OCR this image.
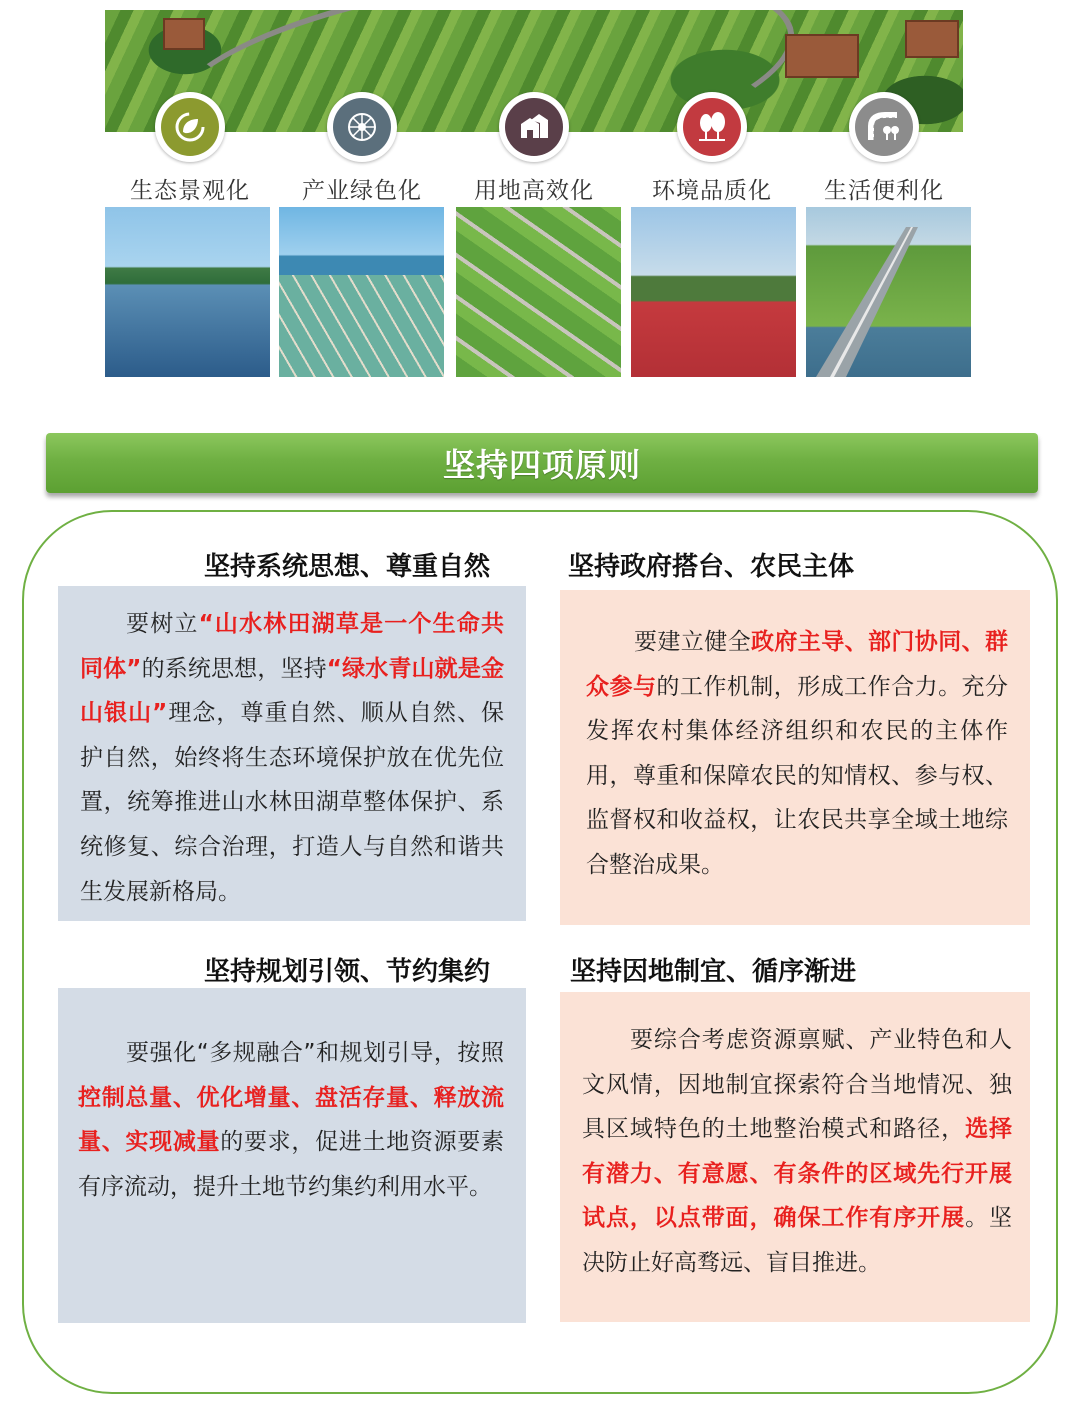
生态景观化	产业绿色化	用地高效化	环境品质化	生活便利化
坚持四项原则
坚持系统思想、尊重自然

要树立“山水林田湖草是一个生命共同体”的系统思想，坚持“绿水青山就是金山银山”理念，尊重自然、顺从自然、保护自然，始终将生态环境保护放在优先位置，统筹推进山水林田湖草整体保护、系统修复、综合治理，打造人与自然和谐共生发展新格局。

坚持政府搭台、农民主体

要建立健全政府主导、部门协同、群众参与的工作机制，形成工作合力。充分发挥农村集体经济组织和农民的主体作用，尊重和保障农民的知情权、参与权、监督权和收益权，让农民共享全域土地综合整治成果。

坚持规划引领、节约集约

要强化“多规融合”和规划引导，按照控制总量、优化增量、盘活存量、释放流量、实现减量的要求，促进土地资源要素有序流动，提升土地节约集约利用水平。

坚持因地制宜、循序渐进

要综合考虑资源禀赋、产业特色和人文风情，因地制宜探索符合当地情况、独具区域特色的土地整治模式和路径，选择有潜力、有意愿、有条件的区域先行开展试点，以点带面，确保工作有序开展。坚决防止好高骛远、盲目推进。
